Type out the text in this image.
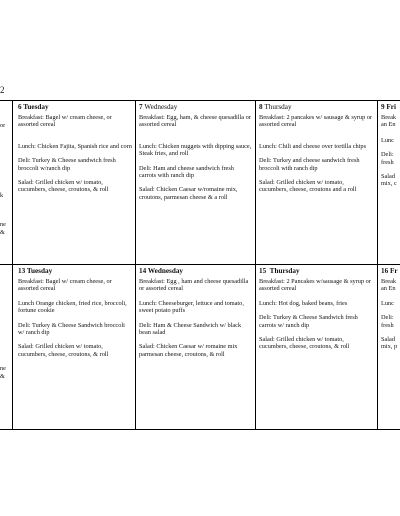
2
or
k
ne
&
ne
&
6 Tuesday

Breakfast: Bagel w/ cream cheese, or assorted cereal

Lunch: Chicken Fajita, Spanish rice and corn

Deli: Turkey & Cheese sandwich fresh broccoli w/ranch dip

Salad: Grilled chicken w/ tomato, cucumbers, cheese, croutons, & roll

7 Wednesday

Breakfast: Egg, ham, & cheese quesadilla or assorted cereal

Lunch: Chicken nuggets with dipping sauce, Steak fries, and roll

Deli: Ham and cheese sandwich fresh carrots with ranch dip

Salad: Chicken Caesar w/romaine mix, croutons, parmesan cheese & a roll

8 Thursday

Breakfast: 2 pancakes w/ sausage & syrup or assorted cereal

Lunch: Chili and cheese over tortilla chips

Deli: Turkey and cheese sandwich fresh broccoli with ranch dip

Salad: Grilled chicken w/ tomato, cucumbers, cheese, croutons and a roll

9 Fri

Break an En

Lunc

Deli: fresh

Salad mix, c

13 Tuesday

Breakfast: Bagel w/ cream cheese, or assorted cereal

Lunch Orange chicken, fried rice, broccoli, fortune cookie

Deli: Turkey & Cheese Sandwich broccoli w/ ranch dip

Salad: Grilled chicken w/ tomato, cucumbers, cheese, croutons, & roll

14 Wednesday

Breakfast: Egg , ham and cheese quesadilla or assorted cereal

Lunch: Cheeseburger, lettuce and tomato, sweet potato puffs

Deli: Ham & Cheese Sandwich w/ black bean salad

Salad: Chicken Caesar w/ romaine mix parmesan cheese, croutons, & roll

15 Thursday

Breakfast: 2 Pancakes w/sausage & syrup or assorted cereal

Lunch: Hot dog, baked beans, fries

Deli: Turkey & Cheese Sandwich fresh carrots w/ ranch dip

Salad: Grilled chicken w/ tomato, cucumbers, cheese, croutons, & roll

16 Fr

Break an En

Lunc

Deli: fresh

Salad mix, p
